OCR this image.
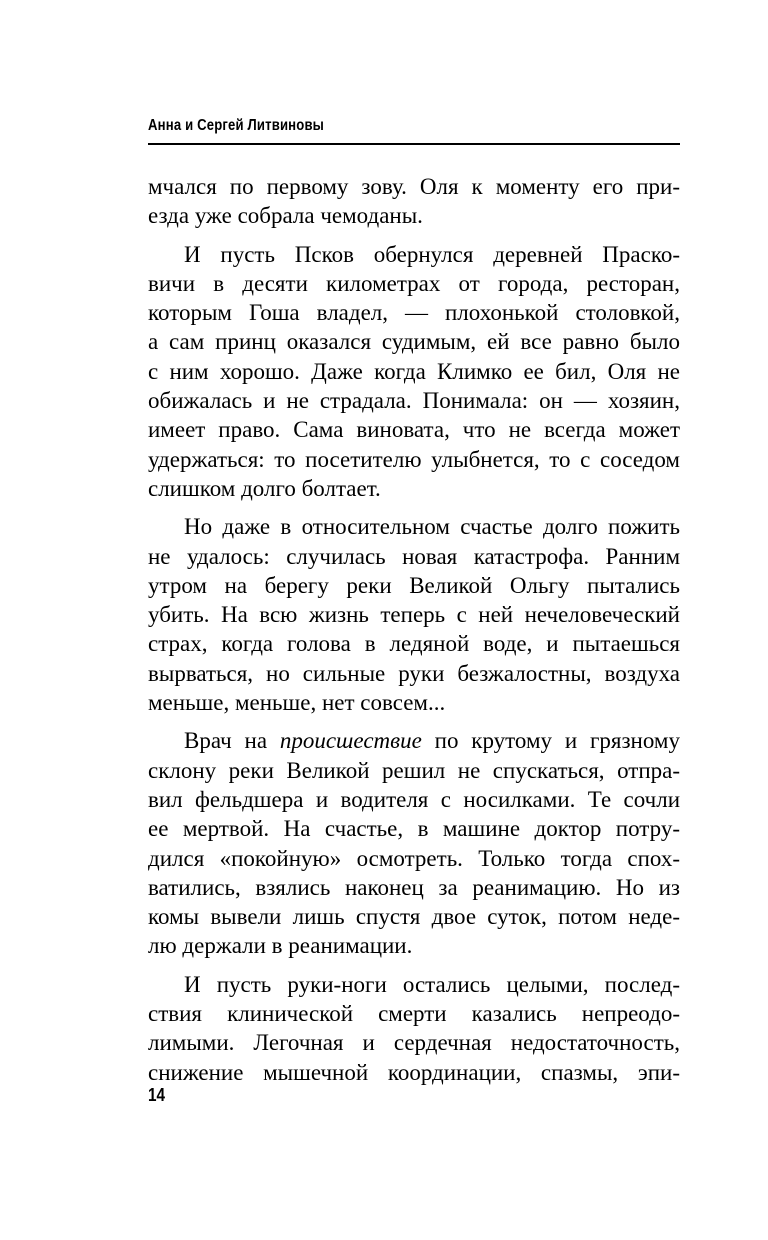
Анна и Сергей Литвиновы
мчался по первому зову. Оля к моменту его при-
езда уже собрала чемоданы.
И пусть Псков обернулся деревней Праско-
вичи в десяти километрах от города, ресторан,
которым Гоша владел, — плохонькой столовкой,
а сам принц оказался судимым, ей все равно было
с ним хорошо. Даже когда Климко ее бил, Оля не
обижалась и не страдала. Понимала: он — хозяин,
имеет право. Сама виновата, что не всегда может
удержаться: то посетителю улыбнется, то с соседом
слишком долго болтает.
Но даже в относительном счастье долго пожить
не удалось: случилась новая катастрофа. Ранним
утром на берегу реки Великой Ольгу пытались
убить. На всю жизнь теперь с ней нечеловеческий
страх, когда голова в ледяной воде, и пытаешься
вырваться, но сильные руки безжалостны, воздуха
меньше, меньше, нет совсем...
Врач на происшествие по крутому и грязному
склону реки Великой решил не спускаться, отпра-
вил фельдшера и водителя с носилками. Те сочли
ее мертвой. На счастье, в машине доктор потру-
дился «покойную» осмотреть. Только тогда спох-
ватились, взялись наконец за реанимацию. Но из
комы вывели лишь спустя двое суток, потом неде-
лю держали в реанимации.
И пусть руки-ноги остались целыми, послед-
ствия клинической смерти казались непреодо-
лимыми. Легочная и сердечная недостаточность,
снижение мышечной координации, спазмы, эпи-
14
